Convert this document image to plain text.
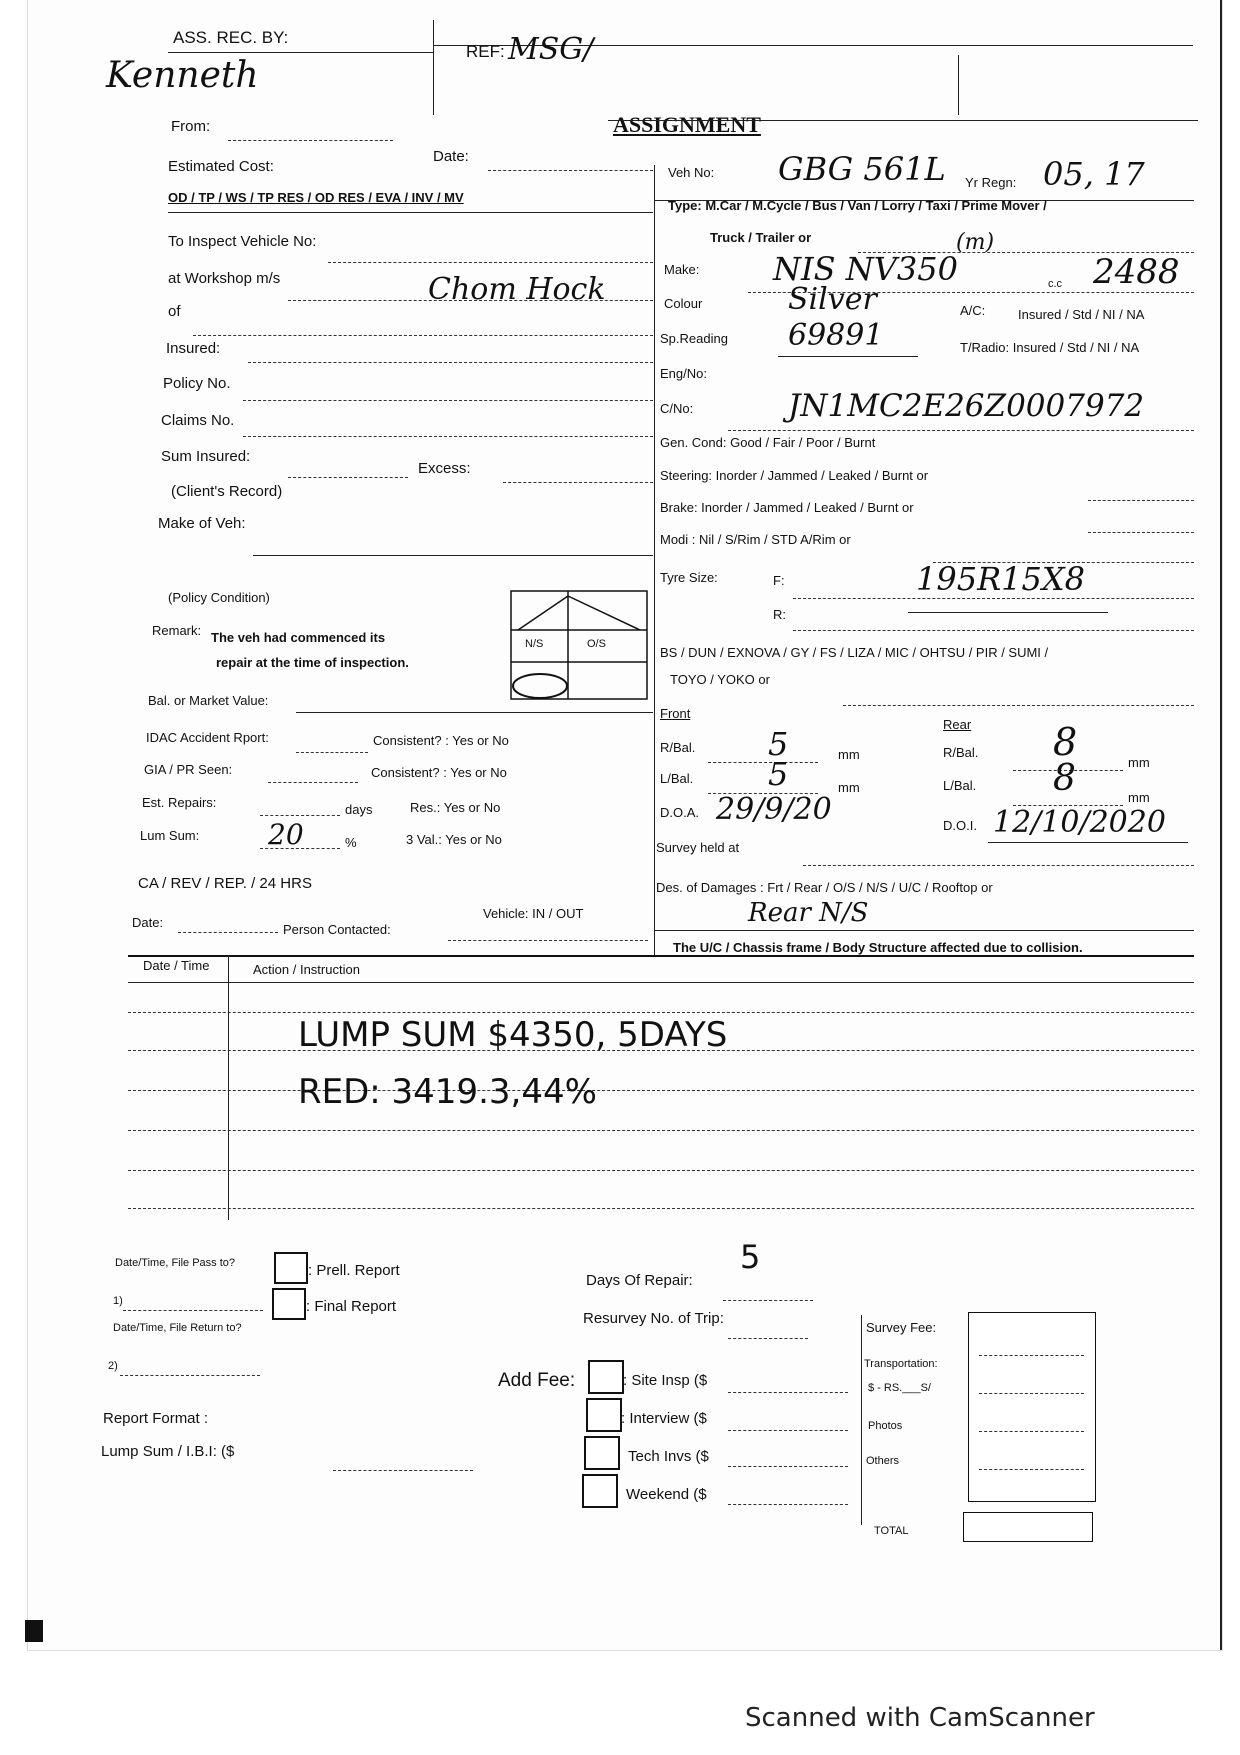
ASS. REC. BY:
REF: MSG/
Kenneth
ASSIGNMENT
From:
Date:
Estimated Cost:
OD / TP / WS / TP RES / OD RES / EVA / INV / MV
To Inspect Vehicle No:
at Workshop m/s	Chom Hock
of
Insured:
Policy No.
Claims No.
Sum Insured:
Excess:
(Client's Record)
Make of Veh:
(Policy Condition)
Remark: The veh had commenced its
repair at the time of inspection.
N/S	O/S
Bal. or Market Value:
IDAC Accident Rport:	Consistent? : Yes or No
GIA / PR Seen:	Consistent? : Yes or No
Est. Repairs:	days	Res.: Yes or No
Lum Sum: 20	%	3 Val.: Yes or No
CA / REV / REP. / 24 HRS
Vehicle: IN / OUT
Date:	Person Contacted:
Veh No: GBG 561L Yr Regn: 05, 17
Type: M.Car / M.Cycle / Bus / Van / Lorry / Taxi / Prime Mover /
Truck / Trailer or	(m)
Make: NIS NV350	c.c 2488
Colour	Silver	A/C:	Insured / Std / NI / NA
Sp.Reading 69891	T/Radio: Insured / Std / NI / NA
Eng/No:
C/No:	JN1MC2E26Z0007972
Gen. Cond: Good / Fair / Poor / Burnt
Steering: Inorder / Jammed / Leaked / Burnt or
Brake: Inorder / Jammed / Leaked / Burnt or
Modi : Nil / S/Rim / STD A/Rim or
Tyre Size:	F:	195R15X8
R:
BS / DUN / EXNOVA / GY / FS / LIZA / MIC / OHTSU / PIR / SUMI /
TOYO / YOKO or
Front
Rear
R/Bal. 5	mm
L/Bal. 5	mm
R/Bal. 8	mm
L/Bal. 8	mm
D.O.A. 29/9/20	D.O.I. 12/10/2020
Survey held at
Des. of Damages : Frt / Rear / O/S / N/S / U/C / Rooftop or
Rear N/S
The U/C / Chassis frame / Body Structure affected due to collision.
Date / Time	Action / Instruction
LUMP SUM $4350, 5DAYS
RED: 3419.3,44%
Date/Time, File Pass to?
1)
Date/Time, File Return to?
2)
: Prell. Report
: Final Report
Days Of Repair:
5
Resurvey No. of Trip:
Add Fee:	: Site Insp ($
: Interview ($
Tech Invs ($
Weekend ($
Survey Fee:
Transportation:
$ - RS.___S/
Photos
Others
TOTAL
Report Format :
Lump Sum / I.B.I: ($
Scanned with CamScanner
